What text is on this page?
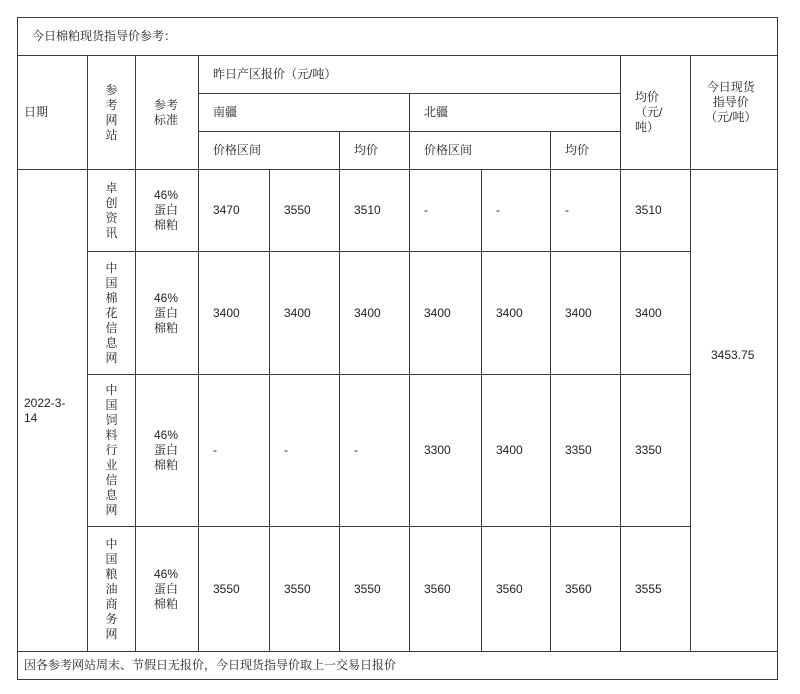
今日棉粕现货指导价参考：										
日期	参考网站	参考标准	昨日产区报价（元/吨）						均价（元/吨）	今日现货指导价（元/吨）
			南疆			北疆				
			价格区间		均价	价格区间		均价		
2022-3-14	卓创资讯	46%蛋白棉粕	3470	3550	3510	-	-	-	3510	3453.75
	中国棉花信息网	46%蛋白棉粕	3400	3400	3400	3400	3400	3400	3400	
	中国饲料行业信息网	46%蛋白棉粕	-	-	-	3300	3400	3350	3350	
	中国粮油商务网	46%蛋白棉粕	3550	3550	3550	3560	3560	3560	3555	
因各参考网站周末、节假日无报价，今日现货指导价取上一交易日报价										
